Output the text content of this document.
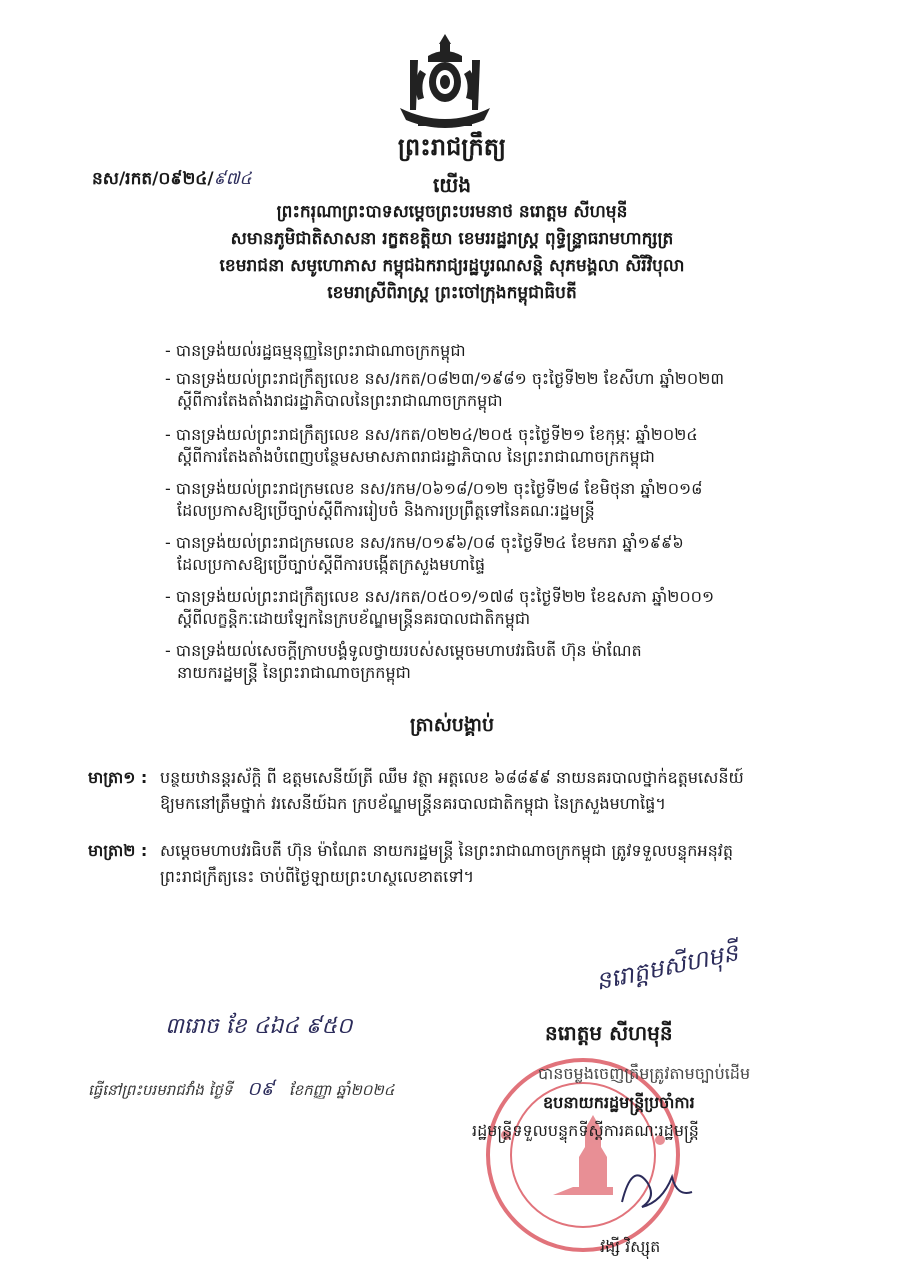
ព្រះរាជក្រឹត្យ
នស/រកត/០៩២៤/៩៧៤	យើង
ព្រះករុណាព្រះបាទសម្តេចព្រះបរមនាថ នរោត្តម សីហមុនី
សមានភូមិជាតិសាសនា រក្ខតខត្តិយា ខេមររដ្ឋរាស្ត្រ ពុទ្ធិន្ទ្រាធរាមហាក្សត្រ
ខេមរាជនា សមូហោភាស កម្ពុជឯករាជ្យរដ្ឋបូរណសន្តិ សុភមង្គលា សិរីវិបុលា
ខេមរាស្រីពិរាស្ត្រ ព្រះចៅក្រុងកម្ពុជាធិបតី
- បានទ្រង់យល់រដ្ឋធម្មនុញ្ញនៃព្រះរាជាណាចក្រកម្ពុជា
- បានទ្រង់យល់ព្រះរាជក្រឹត្យលេខ នស/រកត/០៨២៣/១៩៨១ ចុះថ្ងៃទី២២ ខែសីហា ឆ្នាំ២០២៣
ស្តីពីការតែងតាំងរាជរដ្ឋាភិបាលនៃព្រះរាជាណាចក្រកម្ពុជា
- បានទ្រង់យល់ព្រះរាជក្រឹត្យលេខ នស/រកត/០២២៤/២០៥ ចុះថ្ងៃទី២១ ខែកុម្ភៈ ឆ្នាំ២០២៤
ស្តីពីការតែងតាំងបំពេញបន្ថែមសមាសភាពរាជរដ្ឋាភិបាល នៃព្រះរាជាណាចក្រកម្ពុជា
- បានទ្រង់យល់ព្រះរាជក្រមលេខ នស/រកម/០៦១៨/០១២ ចុះថ្ងៃទី២៨ ខែមិថុនា ឆ្នាំ២០១៨
ដែលប្រកាសឱ្យប្រើច្បាប់ស្តីពីការរៀបចំ និងការប្រព្រឹត្តទៅនៃគណៈរដ្ឋមន្ត្រី
- បានទ្រង់យល់ព្រះរាជក្រមលេខ នស/រកម/០១៩៦/០៨ ចុះថ្ងៃទី២៤ ខែមករា ឆ្នាំ១៩៩៦
ដែលប្រកាសឱ្យប្រើច្បាប់ស្តីពីការបង្កើតក្រសួងមហាផ្ទៃ
- បានទ្រង់យល់ព្រះរាជក្រឹត្យលេខ នស/រកត/០៥០១/១៧៨ ចុះថ្ងៃទី២២ ខែឧសភា ឆ្នាំ២០០១
ស្តីពីលក្ខន្តិកៈដោយឡែកនៃក្របខ័ណ្ឌមន្ត្រីនគរបាលជាតិកម្ពុជា
- បានទ្រង់យល់សេចក្តីក្រាបបង្គំទូលថ្វាយរបស់សម្តេចមហាបវរធិបតី ហ៊ុន ម៉ាណែត
នាយករដ្ឋមន្ត្រី នៃព្រះរាជាណាចក្រកម្ពុជា
ត្រាស់បង្គាប់
មាត្រា១ : បន្ថយឋានន្តរស័ក្តិ ពី ឧត្តមសេនីយ៍ត្រី ឈឹម វត្ថា អត្តលេខ ៦៨៨៩៩ នាយនគរបាលថ្នាក់ឧត្តមសេនីយ៍
ឱ្យមកនៅត្រឹមថ្នាក់ វរសេនីយ៍ឯក ក្របខ័ណ្ឌមន្ត្រីនគរបាលជាតិកម្ពុជា នៃក្រសួងមហាផ្ទៃ។
មាត្រា២ : សម្តេចមហាបវរធិបតី ហ៊ុន ម៉ាណែត នាយករដ្ឋមន្ត្រី នៃព្រះរាជាណាចក្រកម្ពុជា ត្រូវទទួលបន្ទុកអនុវត្ត
ព្រះរាជក្រឹត្យនេះ ចាប់ពីថ្ងៃឡាយព្រះហស្ថលេខាតទៅ។
នរោត្តមសីហមុនី
៣រោច ខែ ៤ឯ៤ ៩៥០
ធ្វើនៅព្រះបរមរាជវាំង ថ្ងៃទី ០៩ ខែកញ្ញា ឆ្នាំ២០២៤
នរោត្តម សីហមុនី
បានចម្លងចេញត្រឹមត្រូវតាមច្បាប់ដើម
ឧបនាយករដ្ឋមន្ត្រីប្រចាំការ
រដ្ឋមន្ត្រីទទួលបន្ទុកទីស្តីការគណៈរដ្ឋមន្ត្រី
វង្សី វិស្សុត
